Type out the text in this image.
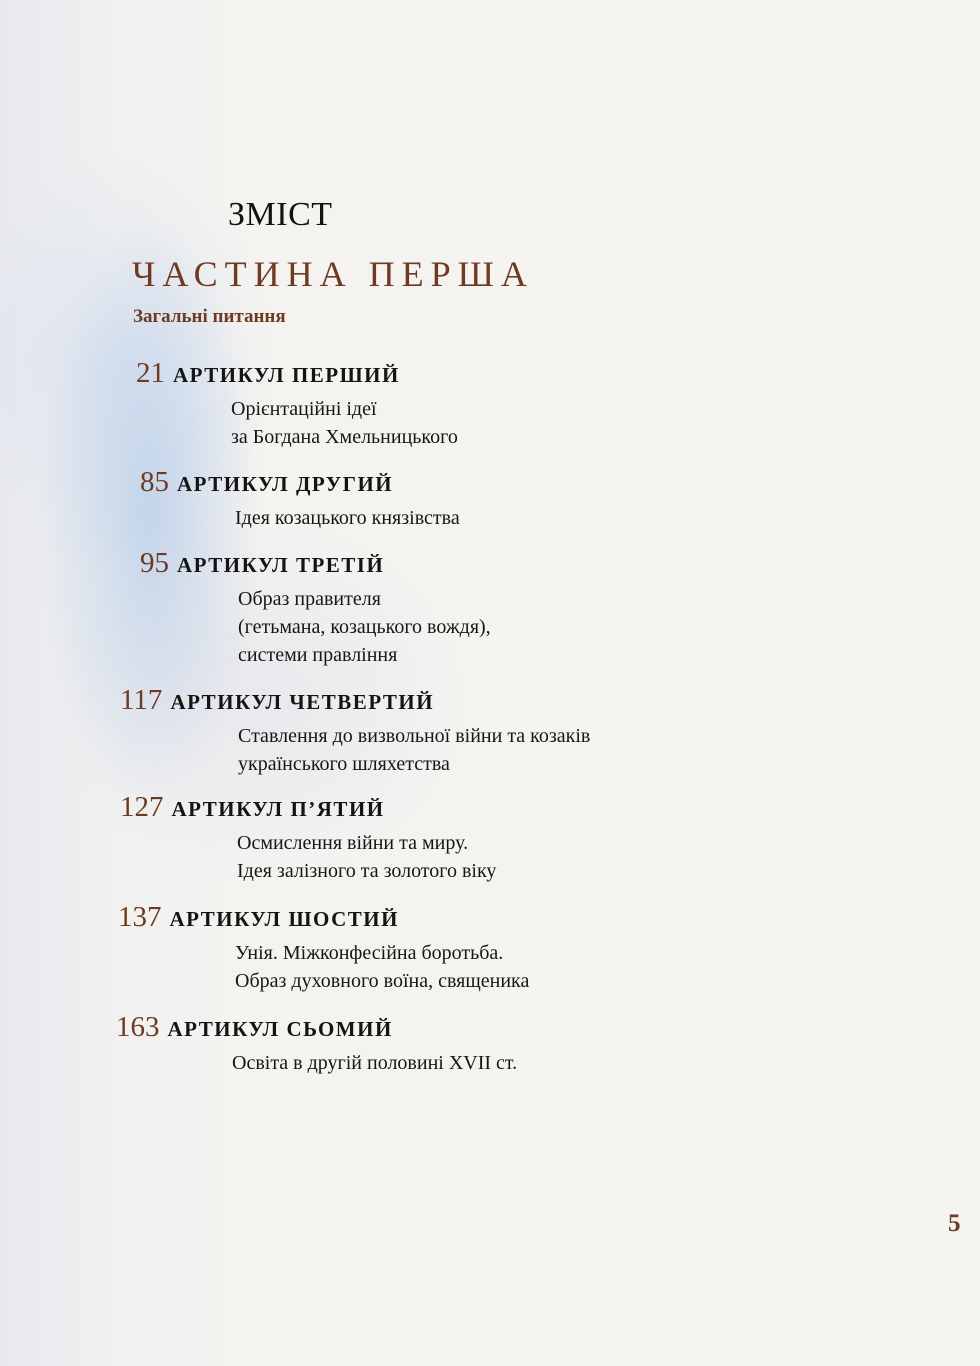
ЗМІСТ
ЧАСТИНА ПЕРША
Загальні питання
21 АРТИКУЛ ПЕРШИЙ
Орієнтаційні ідеї
за Богдана Хмельницького
85 АРТИКУЛ ДРУГИЙ
Ідея козацького князівства
95 АРТИКУЛ ТРЕТІЙ
Образ правителя
(гетьмана, козацького вождя),
системи правління
117 АРТИКУЛ ЧЕТВЕРТИЙ
Ставлення до визвольної війни та козаків
українського шляхетства
127 АРТИКУЛ П’ЯТИЙ
Осмислення війни та миру.
Ідея залізного та золотого віку
137 АРТИКУЛ ШОСТИЙ
Унія. Міжконфесійна боротьба.
Образ духовного воїна, священика
163 АРТИКУЛ СЬОМИЙ
Освіта в другій половині XVII ст.
5
